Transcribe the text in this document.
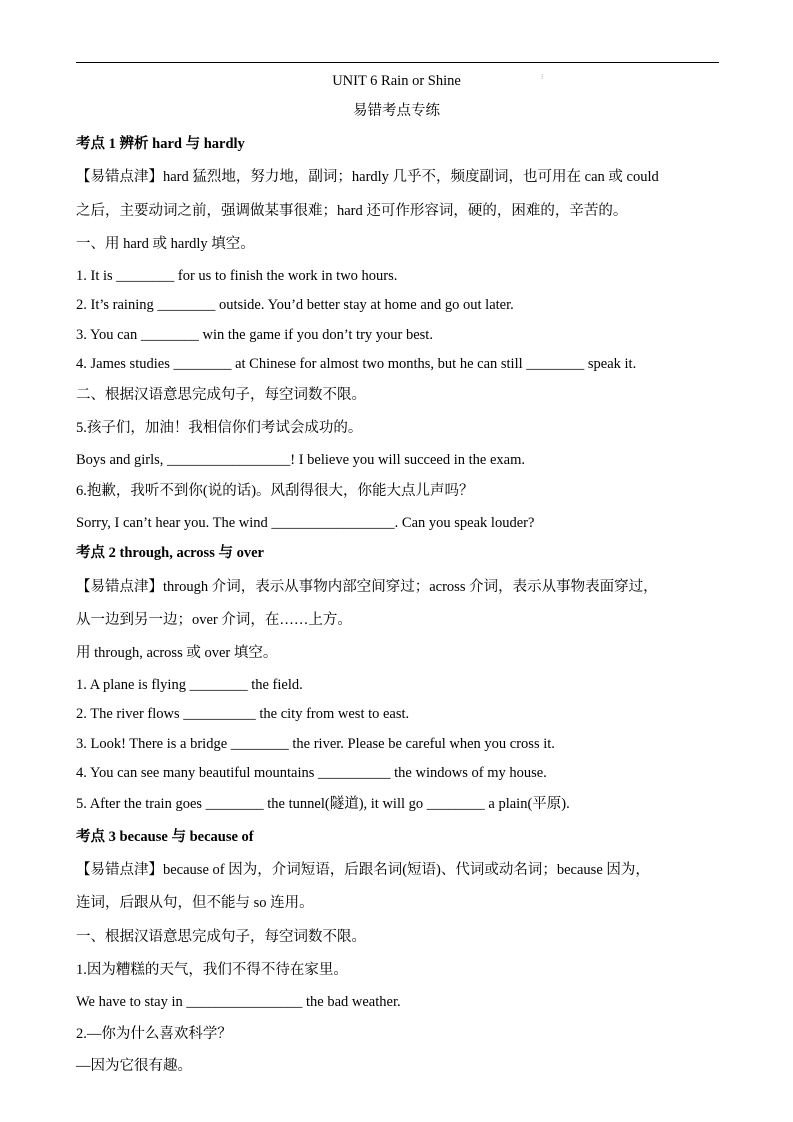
⁝
UNIT 6 Rain or Shine
易错考点专练
考点 1 辨析 hard 与 hardly
【易错点津】hard 猛烈地，努力地，副词；hardly 几乎不，频度副词，也可用在 can 或 could
之后，主要动词之前，强调做某事很难；hard 还可作形容词，硬的，困难的，辛苦的。
一、用 hard 或 hardly 填空。
1. It is ________ for us to finish the work in two hours.
2. It’s raining ________ outside. You’d better stay at home and go out later.
3. You can ________ win the game if you don’t try your best.
4. James studies ________ at Chinese for almost two months, but he can still ________ speak it.
二、根据汉语意思完成句子，每空词数不限。
5.孩子们，加油！我相信你们考试会成功的。
Boys and girls, _________________! I believe you will succeed in the exam.
6.抱歉，我听不到你(说的话)。风刮得很大，你能大点儿声吗？
Sorry, I can’t hear you. The wind _________________. Can you speak louder?
考点 2 through, across 与 over
【易错点津】through 介词，表示从事物内部空间穿过；across 介词，表示从事物表面穿过，
从一边到另一边；over 介词，在……上方。
用 through, across 或 over 填空。
1. A plane is flying ________ the field.
2. The river flows __________ the city from west to east.
3. Look! There is a bridge ________ the river. Please be careful when you cross it.
4. You can see many beautiful mountains __________ the windows of my house.
5. After the train goes ________ the tunnel(隧道), it will go ________ a plain(平原).
考点 3 because 与 because of
【易错点津】because of 因为，介词短语，后跟名词(短语)、代词或动名词；because 因为，
连词，后跟从句，但不能与 so 连用。
一、根据汉语意思完成句子，每空词数不限。
1.因为糟糕的天气，我们不得不待在家里。
We have to stay in ________________ the bad weather.
2.—你为什么喜欢科学？
—因为它很有趣。
